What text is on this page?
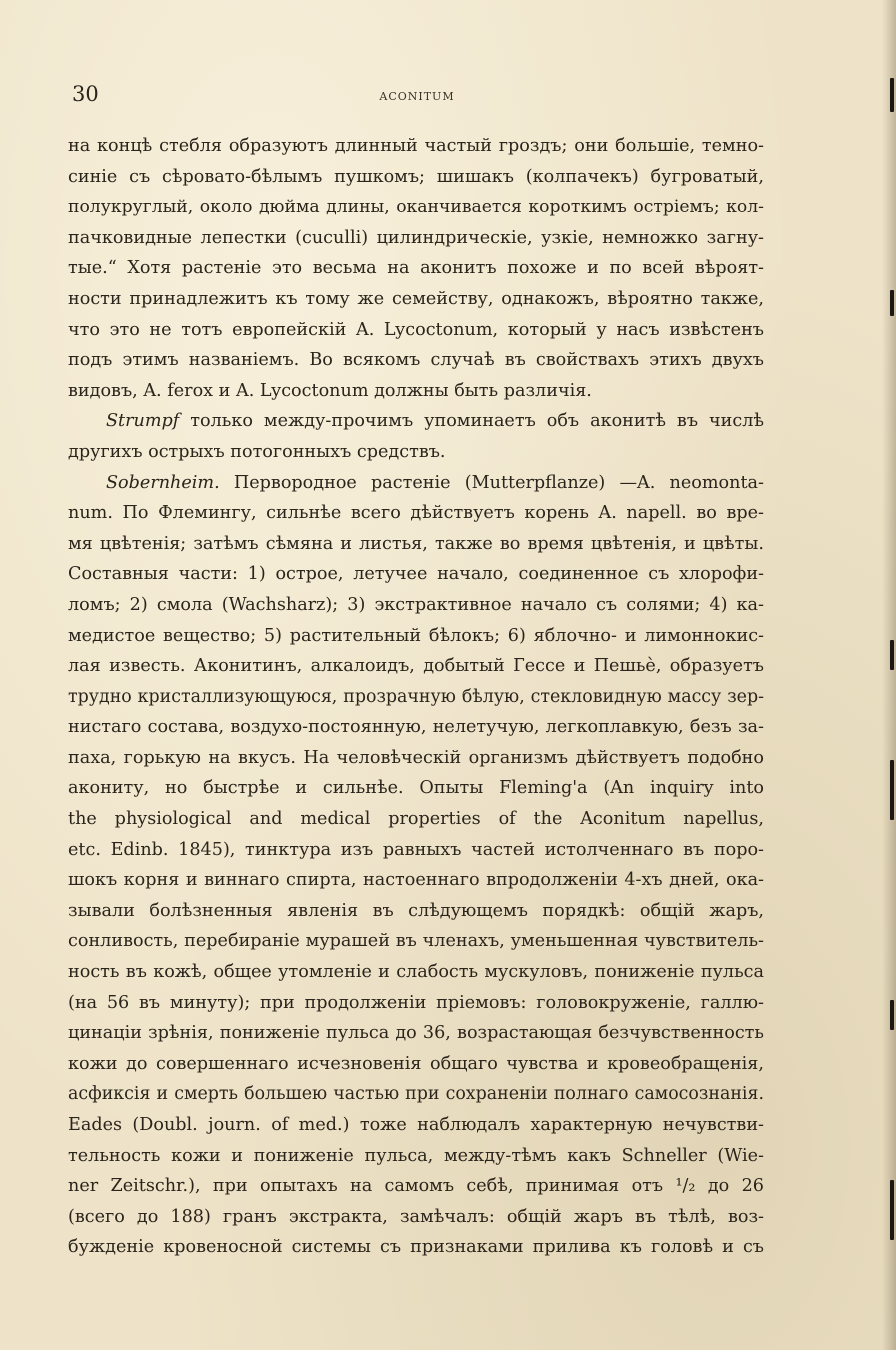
30	ACONITUM
на концѣ стебля образуютъ длинный частый гроздъ; они большіе, темно-
синіе съ сѣровато-бѣлымъ пушкомъ; шишакъ (колпачекъ) бугроватый,
полукруглый, около дюйма длины, оканчивается короткимъ остріемъ; кол-
пачковидные лепестки (cuculli) цилиндрическіе, узкіе, немножко загну-
тые.“ Хотя растеніе это весьма на аконитъ похоже и по всей вѣроят-
ности принадлежитъ къ тому же семейству, однакожъ, вѣроятно также,
что это не тотъ европейскій A. Lycoctonum, который у насъ извѣстенъ
подъ этимъ названіемъ. Во всякомъ случаѣ въ свойствахъ этихъ двухъ
видовъ, A. ferox и A. Lycoctonum должны быть различія.
Strumpf только между-прочимъ упоминаетъ объ аконитѣ въ числѣ
другихъ острыхъ потогонныхъ средствъ.
Sobernheim. Первородное растеніе (Mutterpflanze) —A. neomonta-
num. По Флемингу, сильнѣе всего дѣйствуетъ корень A. napell. во вре-
мя цвѣтенія; затѣмъ сѣмяна и листья, также во время цвѣтенія, и цвѣты.
Составныя части: 1) острое, летучее начало, соединенное съ хлорофи-
ломъ; 2) смола (Wachsharz); 3) экстрактивное начало съ солями; 4) ка-
медистое вещество; 5) растительный бѣлокъ; 6) яблочно- и лимоннокис-
лая известь. Аконитинъ, алкалоидъ, добытый Гессе и Пешьѐ, образуетъ
трудно кристаллизующуюся, прозрачную бѣлую, стекловидную массу зер-
нистаго состава, воздухо-постоянную, нелетучую, легкоплавкую, безъ за-
паха, горькую на вкусъ. На человѣческій организмъ дѣйствуетъ подобно
акониту, но быстрѣе и сильнѣе. Опыты Fleming'a (An inquiry into
the physiological and medical properties of the Aconitum napellus,
etc. Edinb. 1845), тинктура изъ равныхъ частей истолченнаго въ поро-
шокъ корня и виннаго спирта, настоеннаго впродолженіи 4-хъ дней, ока-
зывали болѣзненныя явленія въ слѣдующемъ порядкѣ: общій жаръ,
сонливость, перебираніе мурашей въ членахъ, уменьшенная чувствитель-
ность въ кожѣ, общее утомленіе и слабость мускуловъ, пониженіе пульса
(на 56 въ минуту); при продолженіи пріемовъ: головокруженіе, галлю-
цинаціи зрѣнія, пониженіе пульса до 36, возрастающая безчувственность
кожи до совершеннаго исчезновенія общаго чувства и кровеобращенія,
асфиксія и смерть большею частью при сохраненіи полнаго самосознанія.
Eades (Doubl. journ. of med.) тоже наблюдалъ характерную нечувстви-
тельность кожи и пониженіе пульса, между-тѣмъ какъ Schneller (Wie-
ner Zeitschr.), при опытахъ на самомъ себѣ, принимая отъ ¹/₂ до 26
(всего до 188) гранъ экстракта, замѣчалъ: общій жаръ въ тѣлѣ, воз-
бужденіе кровеносной системы съ признаками прилива къ головѣ и съ
